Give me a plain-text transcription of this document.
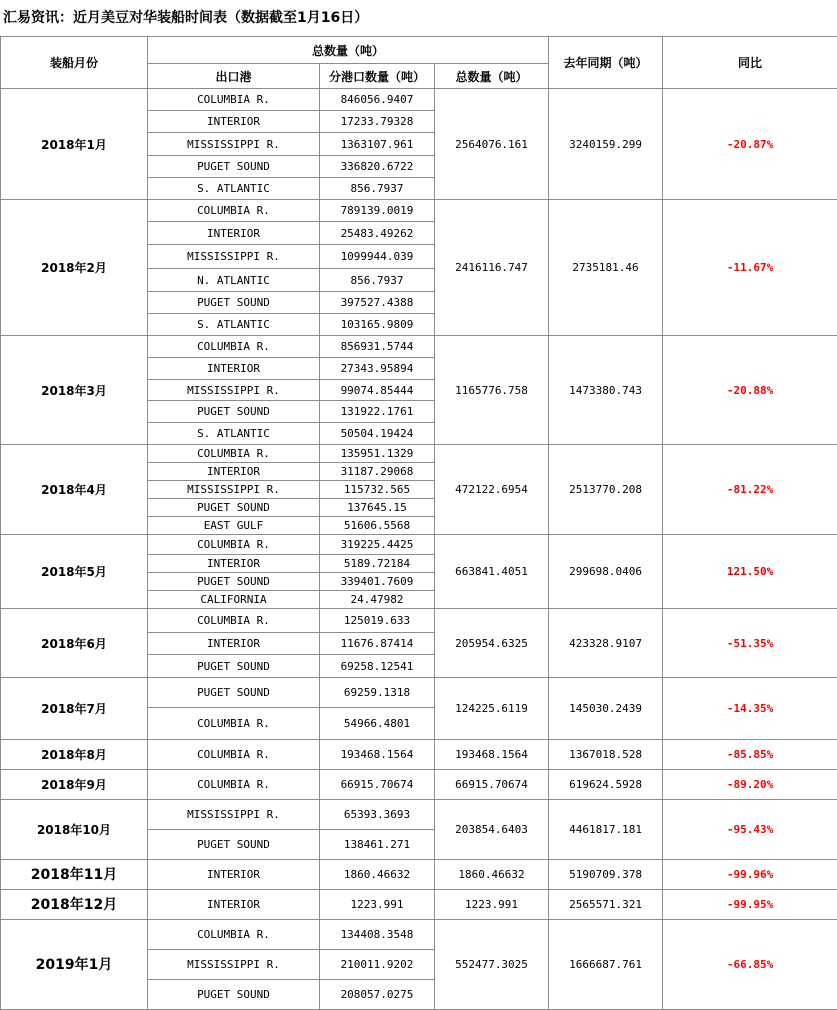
汇易资讯：近月美豆对华装船时间表（数据截至1月16日）
装船月份	总数量（吨）			去年同期（吨）	同比
	出口港	分港口数量（吨）	总数量（吨）		
2018年1月	COLUMBIA R.	846056.9407	2564076.161	3240159.299	-20.87%
	INTERIOR	17233.79328			
	MISSISSIPPI R.	1363107.961			
	PUGET SOUND	336820.6722			
	S. ATLANTIC	856.7937			
2018年2月	COLUMBIA R.	789139.0019	2416116.747	2735181.46	-11.67%
	INTERIOR	25483.49262			
	MISSISSIPPI R.	1099944.039			
	N. ATLANTIC	856.7937			
	PUGET SOUND	397527.4388			
	S. ATLANTIC	103165.9809			
2018年3月	COLUMBIA R.	856931.5744	1165776.758	1473380.743	-20.88%
	INTERIOR	27343.95894			
	MISSISSIPPI R.	99074.85444			
	PUGET SOUND	131922.1761			
	S. ATLANTIC	50504.19424			
2018年4月	COLUMBIA R.	135951.1329	472122.6954	2513770.208	-81.22%
	INTERIOR	31187.29068			
	MISSISSIPPI R.	115732.565			
	PUGET SOUND	137645.15			
	EAST GULF	51606.5568			
2018年5月	COLUMBIA R.	319225.4425	663841.4051	299698.0406	121.50%
	INTERIOR	5189.72184			
	PUGET SOUND	339401.7609			
	CALIFORNIA	24.47982			
2018年6月	COLUMBIA R.	125019.633	205954.6325	423328.9107	-51.35%
	INTERIOR	11676.87414			
	PUGET SOUND	69258.12541			
2018年7月	PUGET SOUND	69259.1318	124225.6119	145030.2439	-14.35%
	COLUMBIA R.	54966.4801			
2018年8月	COLUMBIA R.	193468.1564	193468.1564	1367018.528	-85.85%
2018年9月	COLUMBIA R.	66915.70674	66915.70674	619624.5928	-89.20%
2018年10月	MISSISSIPPI R.	65393.3693	203854.6403	4461817.181	-95.43%
	PUGET SOUND	138461.271			
2018年11月	INTERIOR	1860.46632	1860.46632	5190709.378	-99.96%
2018年12月	INTERIOR	1223.991	1223.991	2565571.321	-99.95%
2019年1月	COLUMBIA R.	134408.3548	552477.3025	1666687.761	-66.85%
	MISSISSIPPI R.	210011.9202			
	PUGET SOUND	208057.0275			
